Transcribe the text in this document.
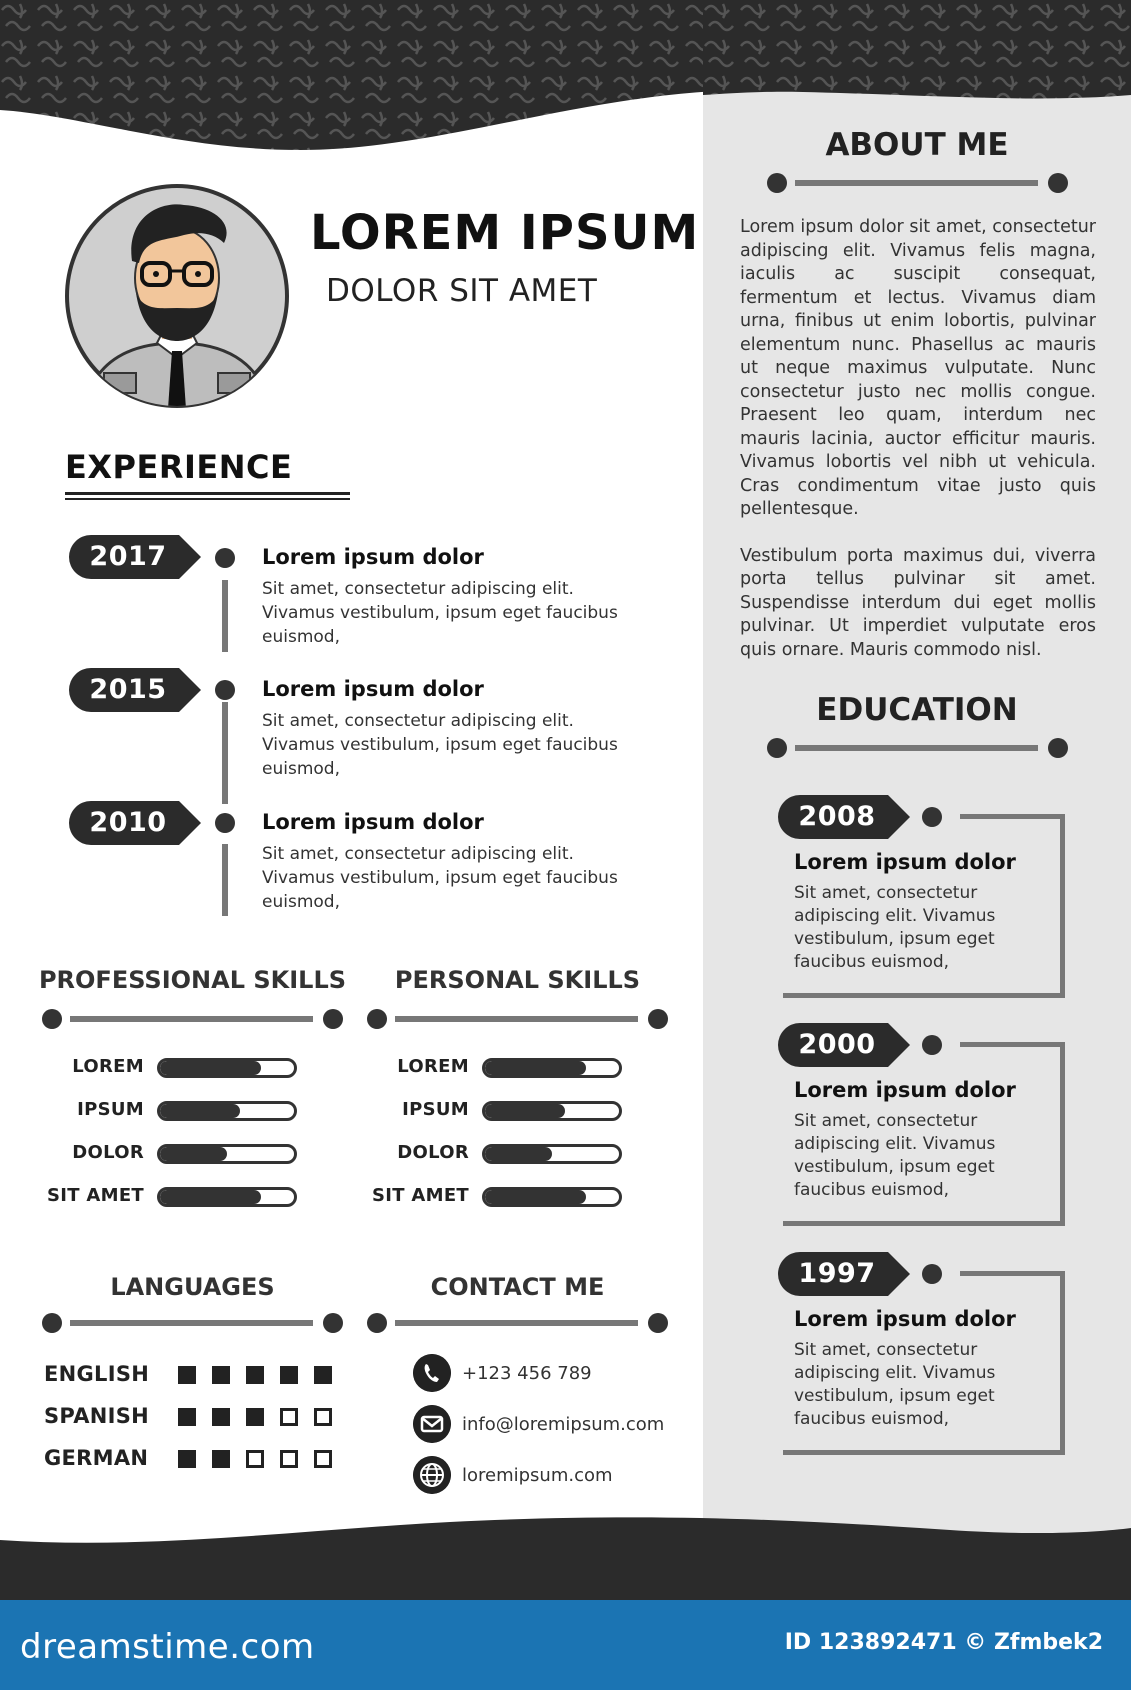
LOREM IPSUM
DOLOR SIT AMET
EXPERIENCE
2017	Lorem ipsum dolor
Sit amet, consectetur adipiscing elit. Vivamus vestibulum, ipsum eget faucibus euismod,
2015	Lorem ipsum dolor
Sit amet, consectetur adipiscing elit. Vivamus vestibulum, ipsum eget faucibus euismod,
2010	Lorem ipsum dolor
Sit amet, consectetur adipiscing elit. Vivamus vestibulum, ipsum eget faucibus euismod,
PROFESSIONAL SKILLS
LOREM
IPSUM
DOLOR
SIT AMET
PERSONAL SKILLS
LOREM
IPSUM
DOLOR
SIT AMET
LANGUAGES
ENGLISH
SPANISH
GERMAN
CONTACT ME
+123 456 789
info@loremipsum.com
loremipsum.com
ABOUT ME

Lorem ipsum dolor sit amet, consectetur adipiscing elit. Vivamus felis magna, iaculis ac suscipit consequat, fermentum et lectus. Vivamus diam urna, finibus ut enim lobortis, pulvinar elementum nunc. Phasellus ac mauris ut neque maximus vulputate. Nunc consectetur justo nec mollis congue. Praesent leo quam, interdum nec mauris lacinia, auctor efficitur mauris. Vivamus lobortis vel nibh ut vehicula. Cras condimentum vitae justo quis pellentesque.

Vestibulum porta maximus dui, viverra porta tellus pulvinar sit amet. Suspendisse interdum dui eget mollis pulvinar. Ut imperdiet vulputate eros quis ornare. Mauris commodo nisl.

EDUCATION
2008
Lorem ipsum dolor
Sit amet, consectetur adipiscing elit. Vivamus vestibulum, ipsum eget faucibus euismod,
2000
Lorem ipsum dolor
Sit amet, consectetur adipiscing elit. Vivamus vestibulum, ipsum eget faucibus euismod,
1997
Lorem ipsum dolor
Sit amet, consectetur adipiscing elit. Vivamus vestibulum, ipsum eget faucibus euismod,
dreamstime.com	ID 123892471 © Zfmbek2
